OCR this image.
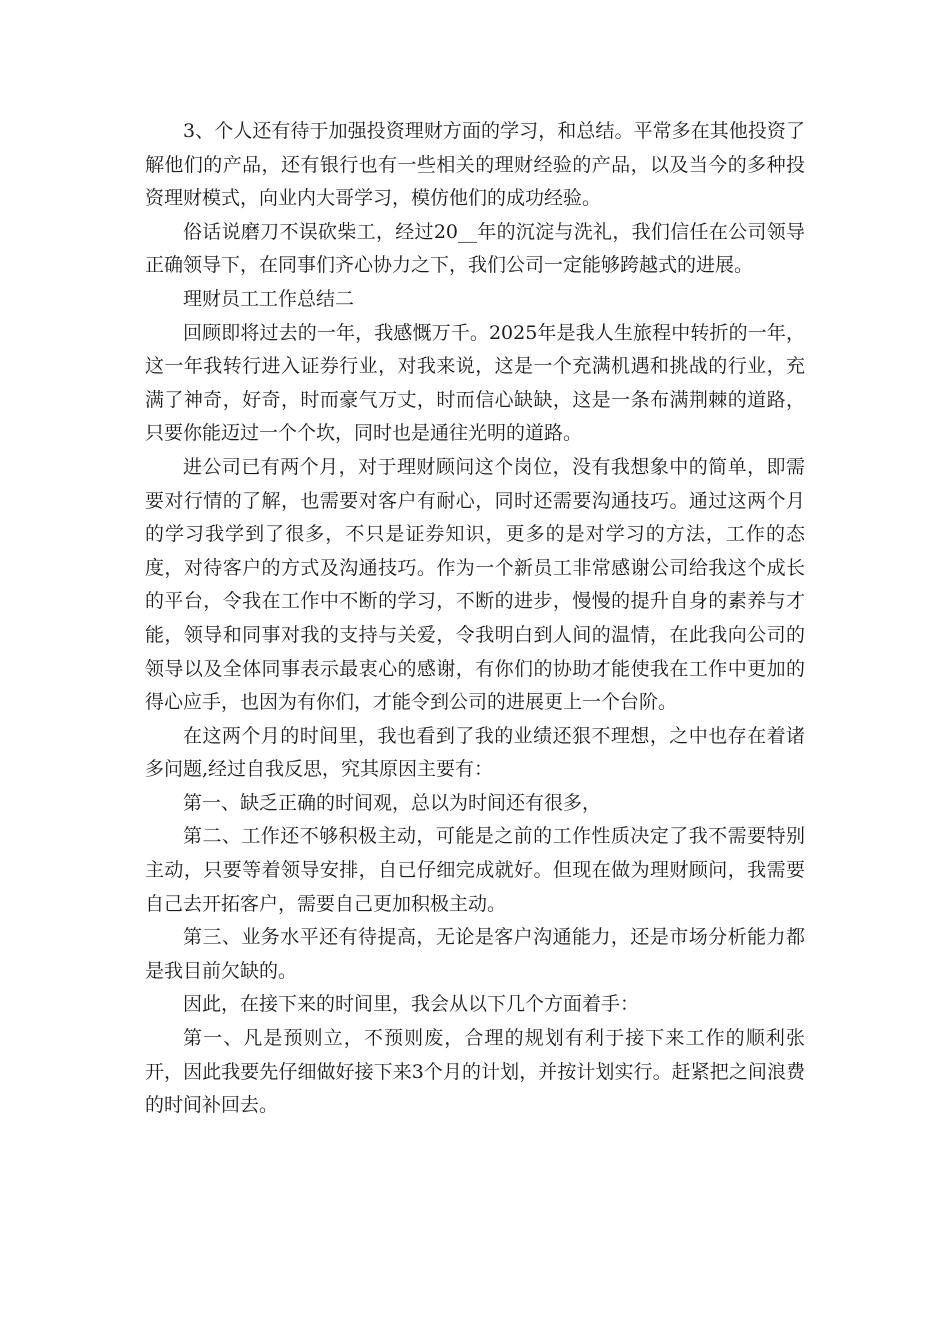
3、个人还有待于加强投资理财方面的学习，和总结。平常多在其他投资了解他们的产品，还有银行也有一些相关的理财经验的产品，以及当今的多种投资理财模式，向业内大哥学习，模仿他们的成功经验。

俗话说磨刀不误砍柴工，经过20__年的沉淀与洗礼，我们信任在公司领导正确领导下，在同事们齐心协力之下，我们公司一定能够跨越式的进展。

理财员工工作总结二

回顾即将过去的一年，我感慨万千。2025年是我人生旅程中转折的一年，这一年我转行进入证券行业，对我来说，这是一个充满机遇和挑战的行业，充满了神奇，好奇，时而豪气万丈，时而信心缺缺，这是一条布满荆棘的道路，只要你能迈过一个个坎，同时也是通往光明的道路。

进公司已有两个月，对于理财顾问这个岗位，没有我想象中的简单，即需要对行情的了解，也需要对客户有耐心，同时还需要沟通技巧。通过这两个月的学习我学到了很多，不只是证券知识，更多的是对学习的方法，工作的态度，对待客户的方式及沟通技巧。作为一个新员工非常感谢公司给我这个成长的平台，令我在工作中不断的学习，不断的进步，慢慢的提升自身的素养与才能，领导和同事对我的支持与关爱，令我明白到人间的温情，在此我向公司的领导以及全体同事表示最衷心的感谢，有你们的协助才能使我在工作中更加的得心应手，也因为有你们，才能令到公司的进展更上一个台阶。

在这两个月的时间里，我也看到了我的业绩还狠不理想，之中也存在着诸多问题,经过自我反思，究其原因主要有：

第一、缺乏正确的时间观，总以为时间还有很多，

第二、工作还不够积极主动，可能是之前的工作性质决定了我不需要特别主动，只要等着领导安排，自已仔细完成就好。但现在做为理财顾问，我需要自己去开拓客户，需要自己更加积极主动。

第三、业务水平还有待提高，无论是客户沟通能力，还是市场分析能力都是我目前欠缺的。

因此，在接下来的时间里，我会从以下几个方面着手：

第一、凡是预则立，不预则废，合理的规划有利于接下来工作的顺利张开，因此我要先仔细做好接下来3个月的计划，并按计划实行。赶紧把之间浪费的时间补回去。
